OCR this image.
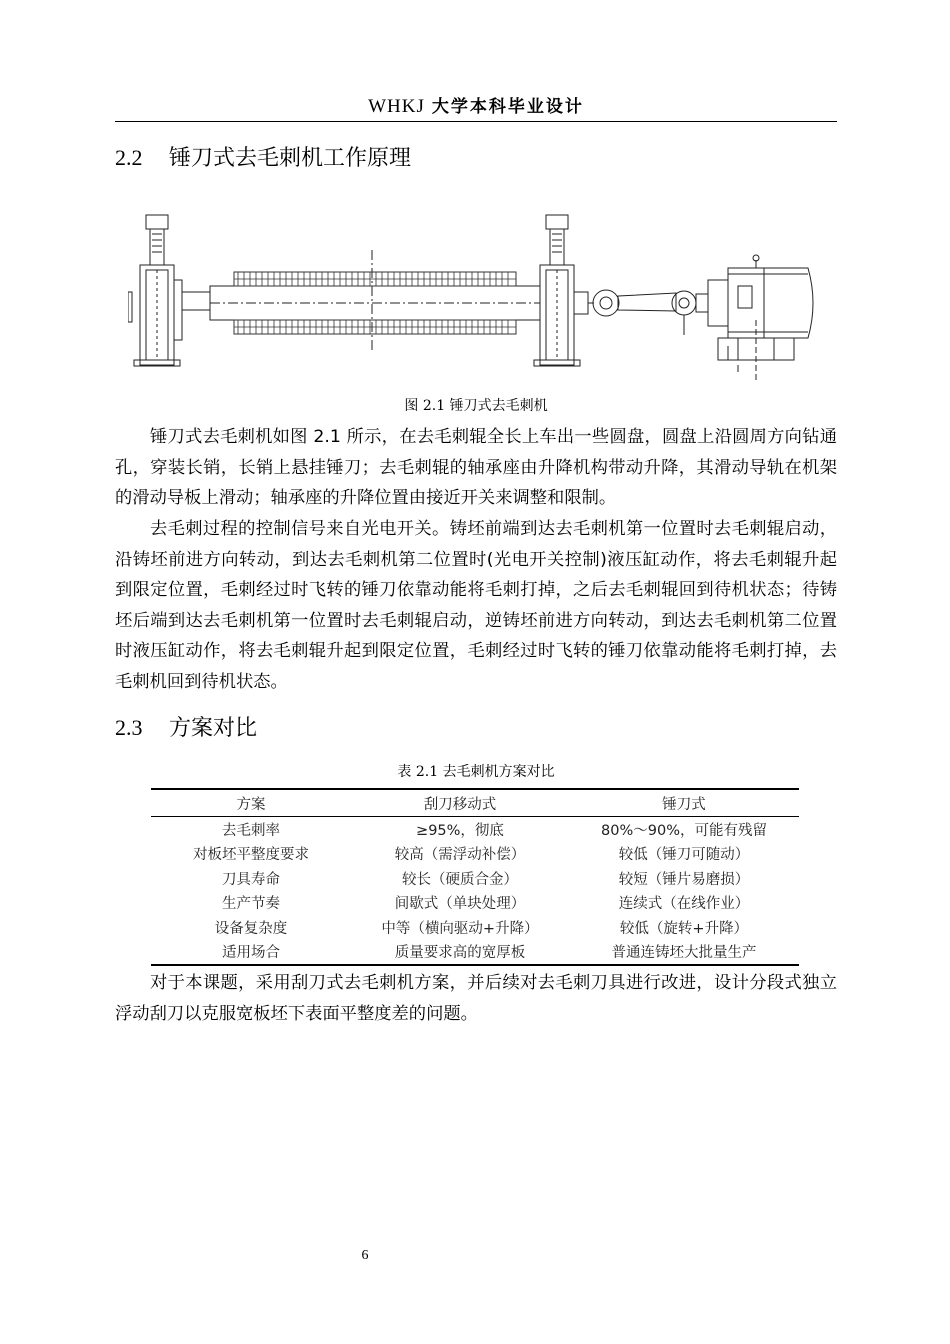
WHKJ 大学本科毕业设计
2.2 锤刀式去毛刺机工作原理
图 2.1 锤刀式去毛刺机

锤刀式去毛刺机如图 2.1 所示，在去毛刺辊全长上车出一些圆盘，圆盘上沿圆周方向钻通孔，穿装长销，长销上悬挂锤刀；去毛刺辊的轴承座由升降机构带动升降，其滑动导轨在机架的滑动导板上滑动；轴承座的升降位置由接近开关来调整和限制。

去毛刺过程的控制信号来自光电开关。铸坯前端到达去毛刺机第一位置时去毛刺辊启动，沿铸坯前进方向转动，到达去毛刺机第二位置时(光电开关控制)液压缸动作，将去毛刺辊升起到限定位置，毛刺经过时飞转的锤刀依靠动能将毛刺打掉，之后去毛刺辊回到待机状态；待铸坯后端到达去毛刺机第一位置时去毛刺辊启动，逆铸坯前进方向转动，到达去毛刺机第二位置时液压缸动作，将去毛刺辊升起到限定位置，毛刺经过时飞转的锤刀依靠动能将毛刺打掉，去毛刺机回到待机状态。

2.3 方案对比
表 2.1 去毛刺机方案对比
方案	刮刀移动式	锤刀式
去毛刺率	≥95%，彻底	80%～90%，可能有残留
对板坯平整度要求	较高（需浮动补偿）	较低（锤刀可随动）
刀具寿命	较长（硬质合金）	较短（锤片易磨损）
生产节奏	间歇式（单块处理）	连续式（在线作业）
设备复杂度	中等（横向驱动+升降）	较低（旋转+升降）
适用场合	质量要求高的宽厚板	普通连铸坯大批量生产

对于本课题，采用刮刀式去毛刺机方案，并后续对去毛刺刀具进行改进，设计分段式独立浮动刮刀以克服宽板坯下表面平整度差的问题。

6
